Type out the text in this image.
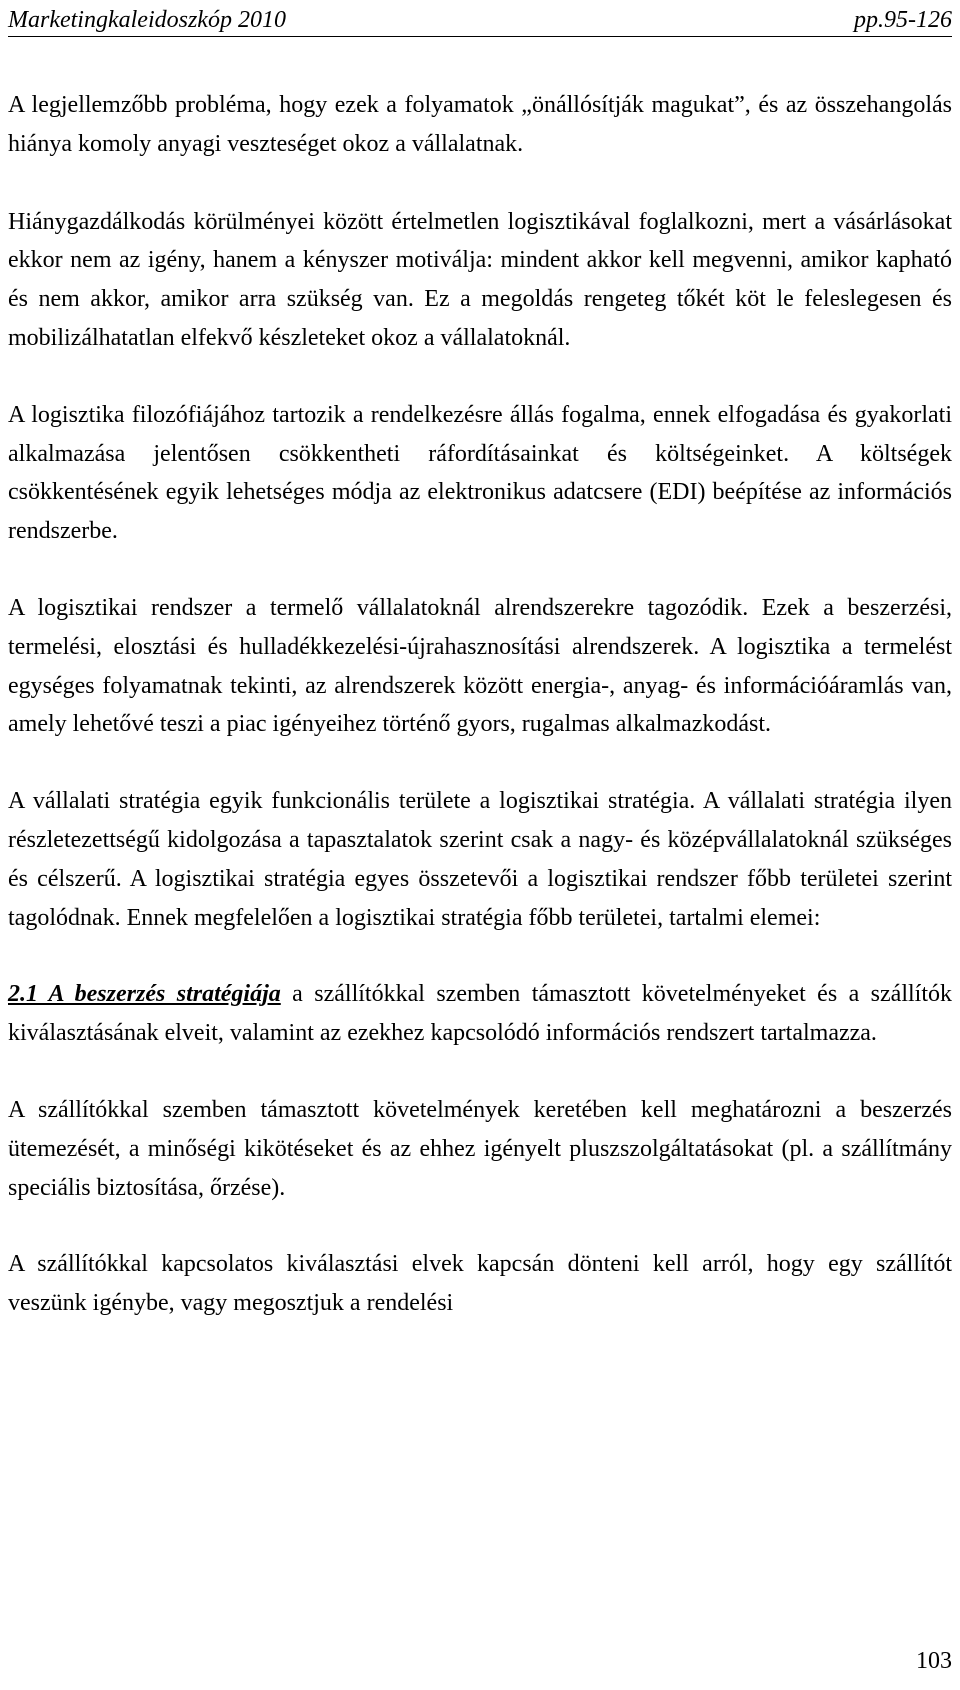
Marketingkaleidoszkóp 2010	pp.95-126

A legjellemzőbb probléma, hogy ezek a folyamatok „önállósítják magukat”, és az összehangolás hiánya komoly anyagi veszteséget okoz a vállalatnak.

Hiánygazdálkodás körülményei között értelmetlen logisztikával foglalkozni, mert a vásárlásokat ekkor nem az igény, hanem a kényszer motiválja: mindent akkor kell megvenni, amikor kapható és nem akkor, amikor arra szükség van. Ez a megoldás rengeteg tőkét köt le feleslegesen és mobilizálhatatlan elfekvő készleteket okoz a vállalatoknál.

A logisztika filozófiájához tartozik a rendelkezésre állás fogalma, ennek elfogadása és gyakorlati alkalmazása jelentősen csökkentheti ráfordításainkat és költségeinket. A költségek csökkentésének egyik lehetséges módja az elektronikus adatcsere (EDI) beépítése az információs rendszerbe.

A logisztikai rendszer a termelő vállalatoknál alrendszerekre tagozódik. Ezek a beszerzési, termelési, elosztási és hulladékkezelési-újrahasznosítási alrendszerek. A logisztika a termelést egységes folyamatnak tekinti, az alrendszerek között energia-, anyag- és információáramlás van, amely lehetővé teszi a piac igényeihez történő gyors, rugalmas alkalmazkodást.

A vállalati stratégia egyik funkcionális területe a logisztikai stratégia. A vállalati stratégia ilyen részletezettségű kidolgozása a tapasztalatok szerint csak a nagy- és középvállalatoknál szükséges és célszerű. A logisztikai stratégia egyes összetevői a logisztikai rendszer főbb területei szerint tagolódnak. Ennek megfelelően a logisztikai stratégia főbb területei, tartalmi elemei:

2.1 A beszerzés stratégiája a szállítókkal szemben támasztott követelményeket és a szállítók kiválasztásának elveit, valamint az ezekhez kapcsolódó információs rendszert tartalmazza.

A szállítókkal szemben támasztott követelmények keretében kell meghatározni a beszerzés ütemezését, a minőségi kikötéseket és az ehhez igényelt pluszszolgáltatásokat (pl. a szállítmány speciális biztosítása, őrzése).

A szállítókkal kapcsolatos kiválasztási elvek kapcsán dönteni kell arról, hogy egy szállítót veszünk igénybe, vagy megosztjuk a rendelési

103
